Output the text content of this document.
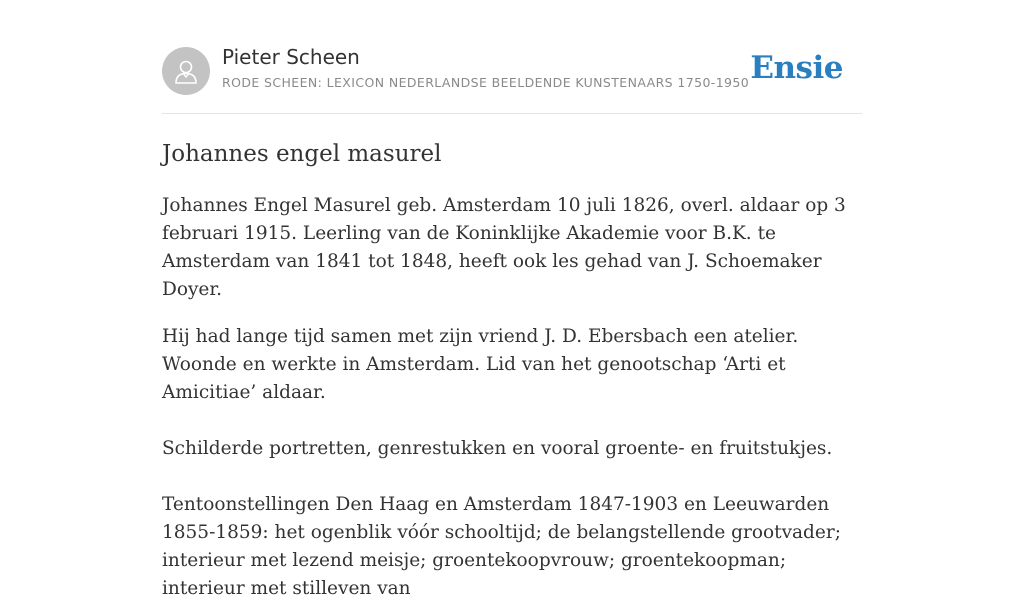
Pieter Scheen
RODE SCHEEN: LEXICON NEDERLANDSE BEELDENDE KUNSTENAARS 1750-1950 Ensie
Johannes engel masurel

Johannes Engel Masurel geb. Amsterdam 10 juli 1826, overl. aldaar op 3 februari 1915. Leerling van de Koninklijke Akademie voor B.K. te Amsterdam van 1841 tot 1848, heeft ook les gehad van J. Schoemaker Doyer.

Hij had lange tijd samen met zijn vriend J. D. Ebersbach een atelier. Woonde en werkte in Amsterdam. Lid van het genootschap ‘Arti et Amicitiae’ aldaar.

Schilderde portretten, genrestukken en vooral groente- en fruitstukjes.

Tentoonstellingen Den Haag en Amsterdam 1847-1903 en Leeuwarden 1855-1859: het ogenblik vóór schooltijd; de belangstellende grootvader; interieur met lezend meisje; groentekoopvrouw; groentekoopman; interieur met stilleven van
